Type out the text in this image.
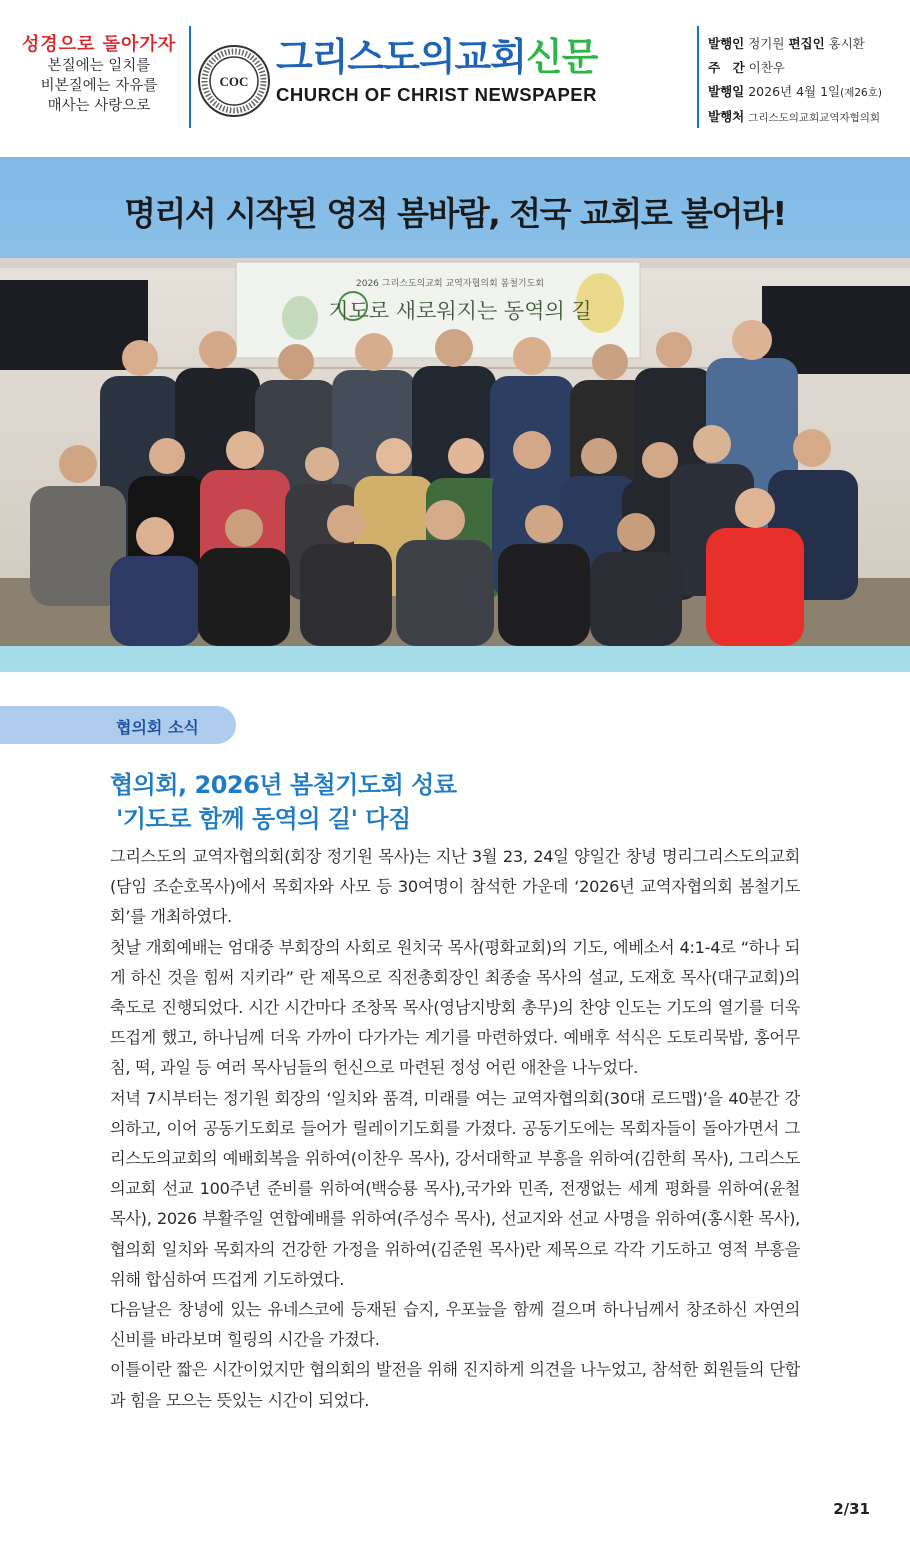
성경으로 돌아가자
본질에는 일치를
비본질에는 자유를
매사는 사랑으로
COC
그리스도의교회신문
CHURCH OF CHRIST NEWSPAPER
발행인 정기원 편집인 홍시환
주　간 이찬우
발행일 2026년 4월 1일(제26호)
발행처 그리스도의교회교역자협의회
명리서 시작된 영적 봄바람, 전국 교회로 불어라!
2026 그리스도의교회 교역자협의회 봄철기도회
기도로 새로워지는 동역의 길
협의회 소식
협의회, 2026년 봄철기도회 성료
'기도로 함께 동역의 길' 다짐

그리스도의 교역자협의회(회장 정기원 목사)는 지난 3월 23, 24일 양일간 창녕 명리그리스도의교회(담임 조순호목사)에서 목회자와 사모 등 30여명이 참석한 가운데 ‘2026년 교역자협의회 봄철기도회’를 개최하였다.

첫날 개회예배는 엄대중 부회장의 사회로 원치국 목사(평화교회)의 기도, 에베소서 4:1-4로 “하나 되게 하신 것을 힘써 지키라” 란 제목으로 직전총회장인 최종술 목사의 설교, 도재호 목사(대구교회)의 축도로 진행되었다. 시간 시간마다 조창목 목사(영남지방회 총무)의 찬양 인도는 기도의 열기를 더욱 뜨겁게 했고, 하나님께 더욱 가까이 다가가는 계기를 마련하였다. 예배후 석식은 도토리묵밥, 홍어무침, 떡, 과일 등 여러 목사님들의 헌신으로 마련된 정성 어린 애찬을 나누었다.

저녁 7시부터는 정기원 회장의 ‘일치와 품격, 미래를 여는 교역자협의회(30대 로드맵)’을 40분간 강의하고, 이어 공동기도회로 들어가 릴레이기도회를 가졌다. 공동기도에는 목회자들이 돌아가면서 그리스도의교회의 예배회복을 위하여(이찬우 목사), 강서대학교 부흥을 위하여(김한희 목사), 그리스도의교회 선교 100주년 준비를 위하여(백승룡 목사),국가와 민족, 전쟁없는 세계 평화를 위하여(윤철 목사), 2026 부활주일 연합예배를 위하여(주성수 목사), 선교지와 선교 사명을 위하여(홍시환 목사),협의회 일치와 목회자의 건강한 가정을 위하여(김준원 목사)란 제목으로 각각 기도하고 영적 부흥을 위해 합심하여 뜨겁게 기도하였다.

다음날은 창녕에 있는 유네스코에 등재된 습지, 우포늪을 함께 걸으며 하나님께서 창조하신 자연의 신비를 바라보며 힐링의 시간을 가졌다.

이틀이란 짧은 시간이었지만 협의회의 발전을 위해 진지하게 의견을 나누었고, 참석한 회원들의 단합과 힘을 모으는 뜻있는 시간이 되었다.

2/31
